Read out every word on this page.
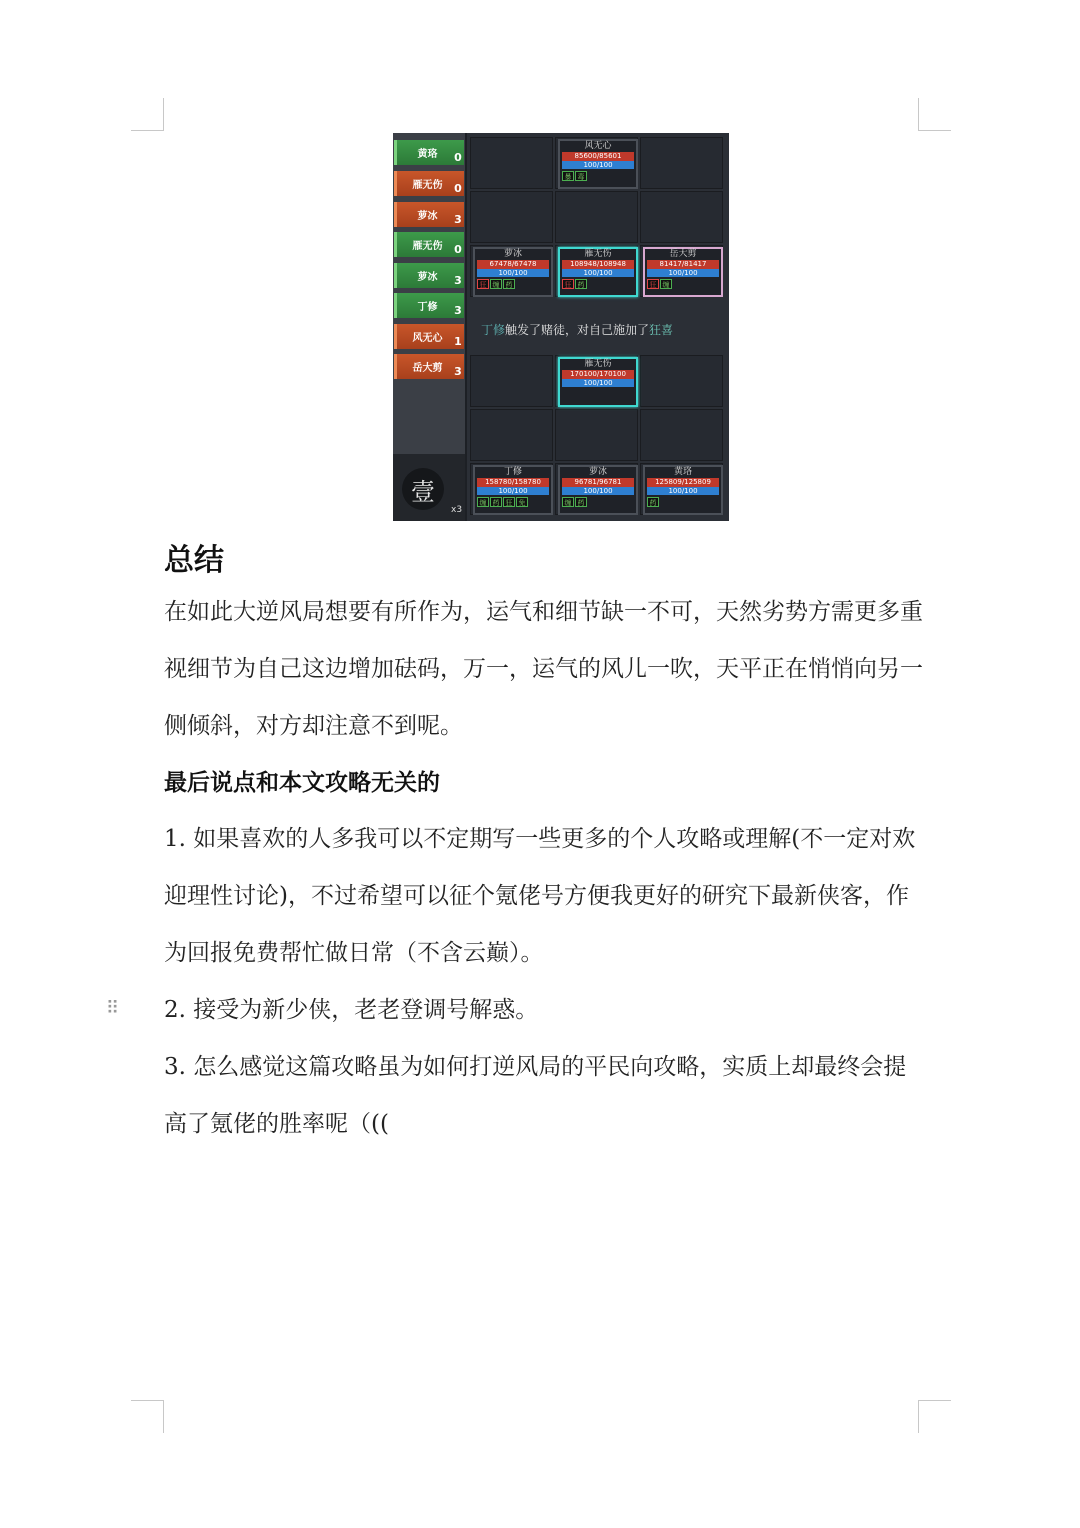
黄珞	0
雁无伤	0
萝冰	3
雁无伤	0
萝冰	3
丁修	3
风无心	1
岳大剪	3
壹
x3
风无心
85600/85601
100/100
暴 毒
萝冰
67478/67478
100/100
狂 缠 药
雁无伤
108948/108948
100/100
狂 药
岳大剪
81417/81417
100/100
狂 缠
丁修触发了赌徒，对自己施加了狂喜
雁无伤
170100/170100
100/100
丁修
158780/158780
100/100
缠 药 狂 免
萝冰
96781/96781
100/100
缠 药
黄珞
125809/125809
100/100
药
总结
在如此大逆风局想要有所作为，运气和细节缺一不可，天然劣势方需更多重视细节为自己这边增加砝码，万一，运气的风儿一吹，天平正在悄悄向另一侧倾斜，对方却注意不到呢。
最后说点和本文攻略无关的
1. 如果喜欢的人多我可以不定期写一些更多的个人攻略或理解(不一定对欢迎理性讨论)，不过希望可以征个氪佬号方便我更好的研究下最新侠客，作为回报免费帮忙做日常（不含云巅）。
⠿ 2. 接受为新少侠，老老登调号解惑。
3. 怎么感觉这篇攻略虽为如何打逆风局的平民向攻略，实质上却最终会提高了氪佬的胜率呢（((
